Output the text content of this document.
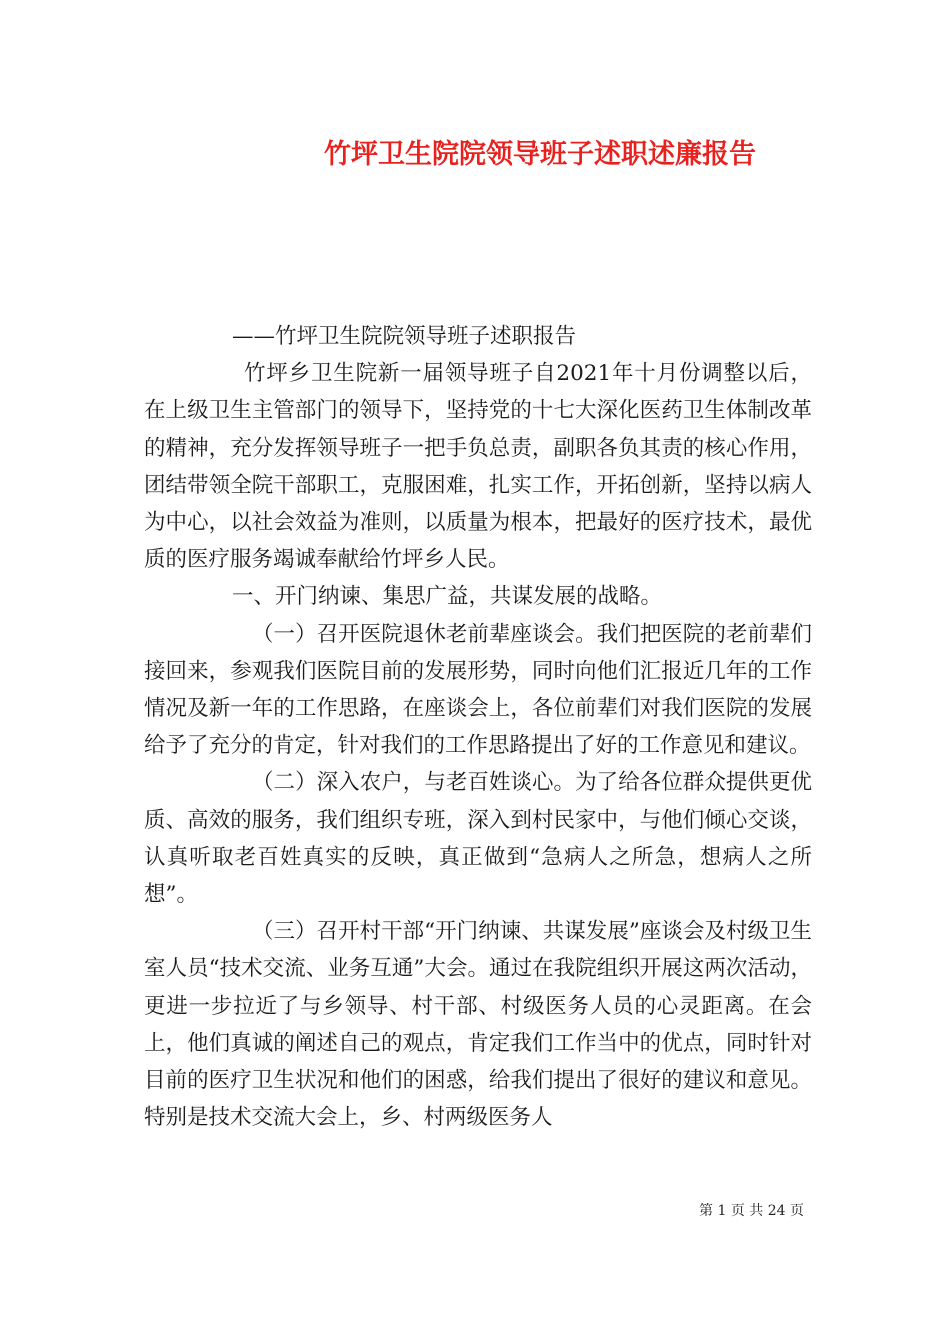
竹坪卫生院院领导班子述职述廉报告

——竹坪卫生院院领导班子述职报告

竹坪乡卫生院新一届领导班子自2021年十月份调整以后，在上级卫生主管部门的领导下，坚持党的十七大深化医药卫生体制改革的精神，充分发挥领导班子一把手负总责，副职各负其责的核心作用，团结带领全院干部职工，克服困难，扎实工作，开拓创新，坚持以病人为中心，以社会效益为准则，以质量为根本，把最好的医疗技术，最优质的医疗服务竭诚奉献给竹坪乡人民。

一、开门纳谏、集思广益，共谋发展的战略。

（一）召开医院退休老前辈座谈会。我们把医院的老前辈们接回来，参观我们医院目前的发展形势，同时向他们汇报近几年的工作情况及新一年的工作思路，在座谈会上，各位前辈们对我们医院的发展给予了充分的肯定，针对我们的工作思路提出了好的工作意见和建议。

（二）深入农户，与老百姓谈心。为了给各位群众提供更优质、高效的服务，我们组织专班，深入到村民家中，与他们倾心交谈，认真听取老百姓真实的反映，真正做到“急病人之所急，想病人之所想”。

（三）召开村干部“开门纳谏、共谋发展”座谈会及村级卫生室人员“技术交流、业务互通”大会。通过在我院组织开展这两次活动，更进一步拉近了与乡领导、村干部、村级医务人员的心灵距离。在会上，他们真诚的阐述自己的观点，肯定我们工作当中的优点，同时针对目前的医疗卫生状况和他们的困惑，给我们提出了很好的建议和意见。特别是技术交流大会上，乡、村两级医务人

第 1 页 共 24 页
